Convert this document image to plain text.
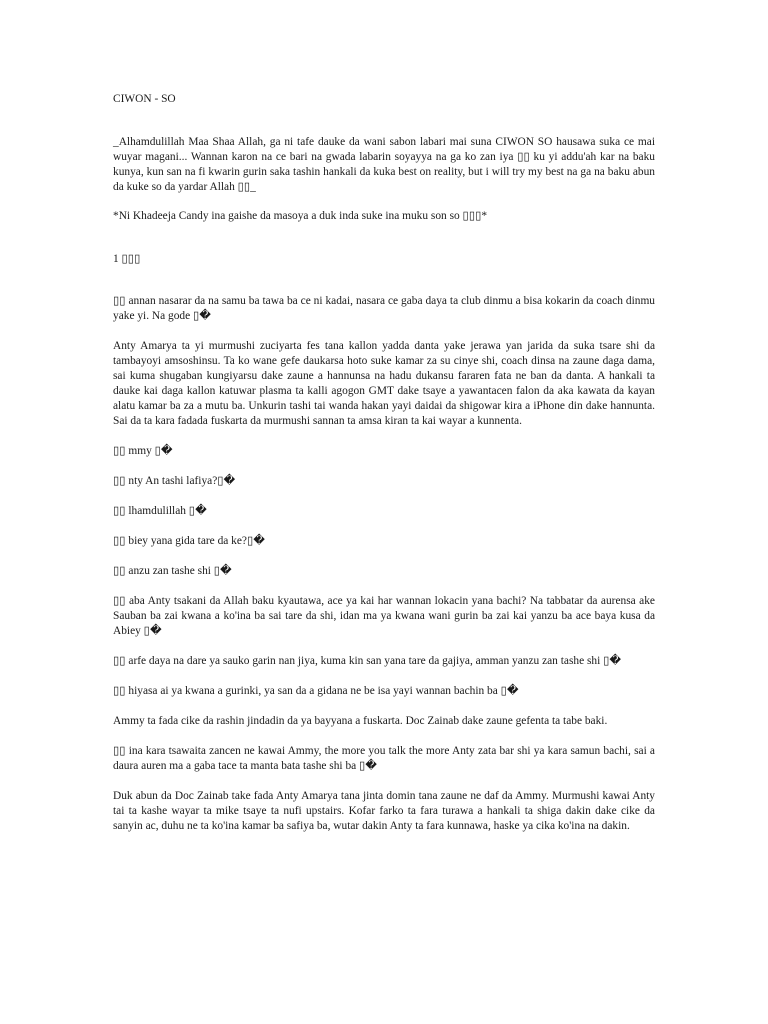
CIWON - SO

_Alhamdulillah Maa Shaa Allah, ga ni tafe dauke da wani sabon labari mai suna CIWON SO hausawa suka ce mai wuyar magani... Wannan karon na ce bari na gwada labarin soyayya na ga ko zan iya ▯▯ ku yi addu'ah kar na baku kunya, kun san na fi kwarin gurin saka tashin hankali da kuka best on reality, but i will try my best na ga na baku abun da kuke so da yardar Allah ▯▯_

*Ni Khadeeja Candy ina gaishe da masoya a duk inda suke ina muku son so ▯▯▯*

1 ▯▯▯

▯▯ annan nasarar da na samu ba tawa ba ce ni kadai, nasara ce gaba daya ta club dinmu a bisa kokarin da coach dinmu yake yi. Na gode ▯�

Anty Amarya ta yi murmushi zuciyarta fes tana kallon yadda danta yake jerawa yan jarida da suka tsare shi da tambayoyi amsoshinsu. Ta ko wane gefe daukarsa hoto suke kamar za su cinye shi, coach dinsa na zaune daga dama, sai kuma shugaban kungiyarsu dake zaune a hannunsa na hadu dukansu fararen fata ne ban da danta. A hankali ta dauke kai daga kallon katuwar plasma ta kalli agogon GMT dake tsaye a yawantacen falon da aka kawata da kayan alatu kamar ba za a mutu ba. Unkurin tashi tai wanda hakan yayi daidai da shigowar kira a iPhone din dake hannunta. Sai da ta kara fadada fuskarta da murmushi sannan ta amsa kiran ta kai wayar a kunnenta.

▯▯ mmy ▯�

▯▯ nty An tashi lafiya?▯�

▯▯ lhamdulillah ▯�

▯▯ biey yana gida tare da ke?▯�

▯▯ anzu zan tashe shi ▯�

▯▯ aba Anty tsakani da Allah baku kyautawa, ace ya kai har wannan lokacin yana bachi? Na tabbatar da aurensa ake Sauban ba zai kwana a ko'ina ba sai tare da shi, idan ma ya kwana wani gurin ba zai kai yanzu ba ace baya kusa da Abiey ▯�

▯▯ arfe daya na dare ya sauko garin nan jiya, kuma kin san yana tare da gajiya, amman yanzu zan tashe shi ▯�

▯▯ hiyasa ai ya kwana a gurinki, ya san da a gidana ne be isa yayi wannan bachin ba ▯�

Ammy ta fada cike da rashin jindadin da ya bayyana a fuskarta. Doc Zainab dake zaune gefenta ta tabe baki.

▯▯ ina kara tsawaita zancen ne kawai Ammy, the more you talk the more Anty zata bar shi ya kara samun bachi, sai a daura auren ma a gaba tace ta manta bata tashe shi ba ▯�

Duk abun da Doc Zainab take fada Anty Amarya tana jinta domin tana zaune ne daf da Ammy. Murmushi kawai Anty tai ta kashe wayar ta mike tsaye ta nufi upstairs. Kofar farko ta fara turawa a hankali ta shiga dakin dake cike da sanyin ac, duhu ne ta ko'ina kamar ba safiya ba, wutar dakin Anty ta fara kunnawa, haske ya cika ko'ina na dakin.
